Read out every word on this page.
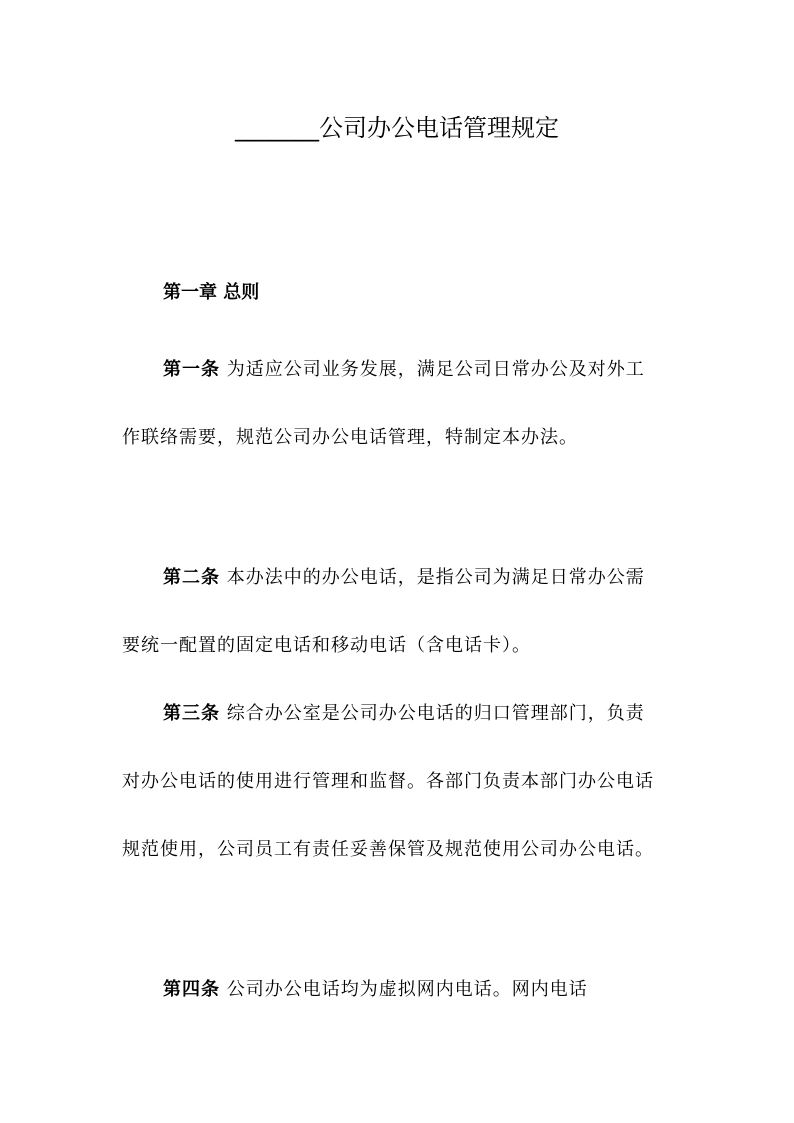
_______公司办公电话管理规定
第一章 总则

第一条 为适应公司业务发展，满足公司日常办公及对外工作联络需要，规范公司办公电话管理，特制定本办法。

第二条 本办法中的办公电话，是指公司为满足日常办公需要统一配置的固定电话和移动电话（含电话卡）。

第三条 综合办公室是公司办公电话的归口管理部门，负责对办公电话的使用进行管理和监督。各部门负责本部门办公电话规范使用，公司员工有责任妥善保管及规范使用公司办公电话。

第四条 公司办公电话均为虚拟网内电话。网内电话
